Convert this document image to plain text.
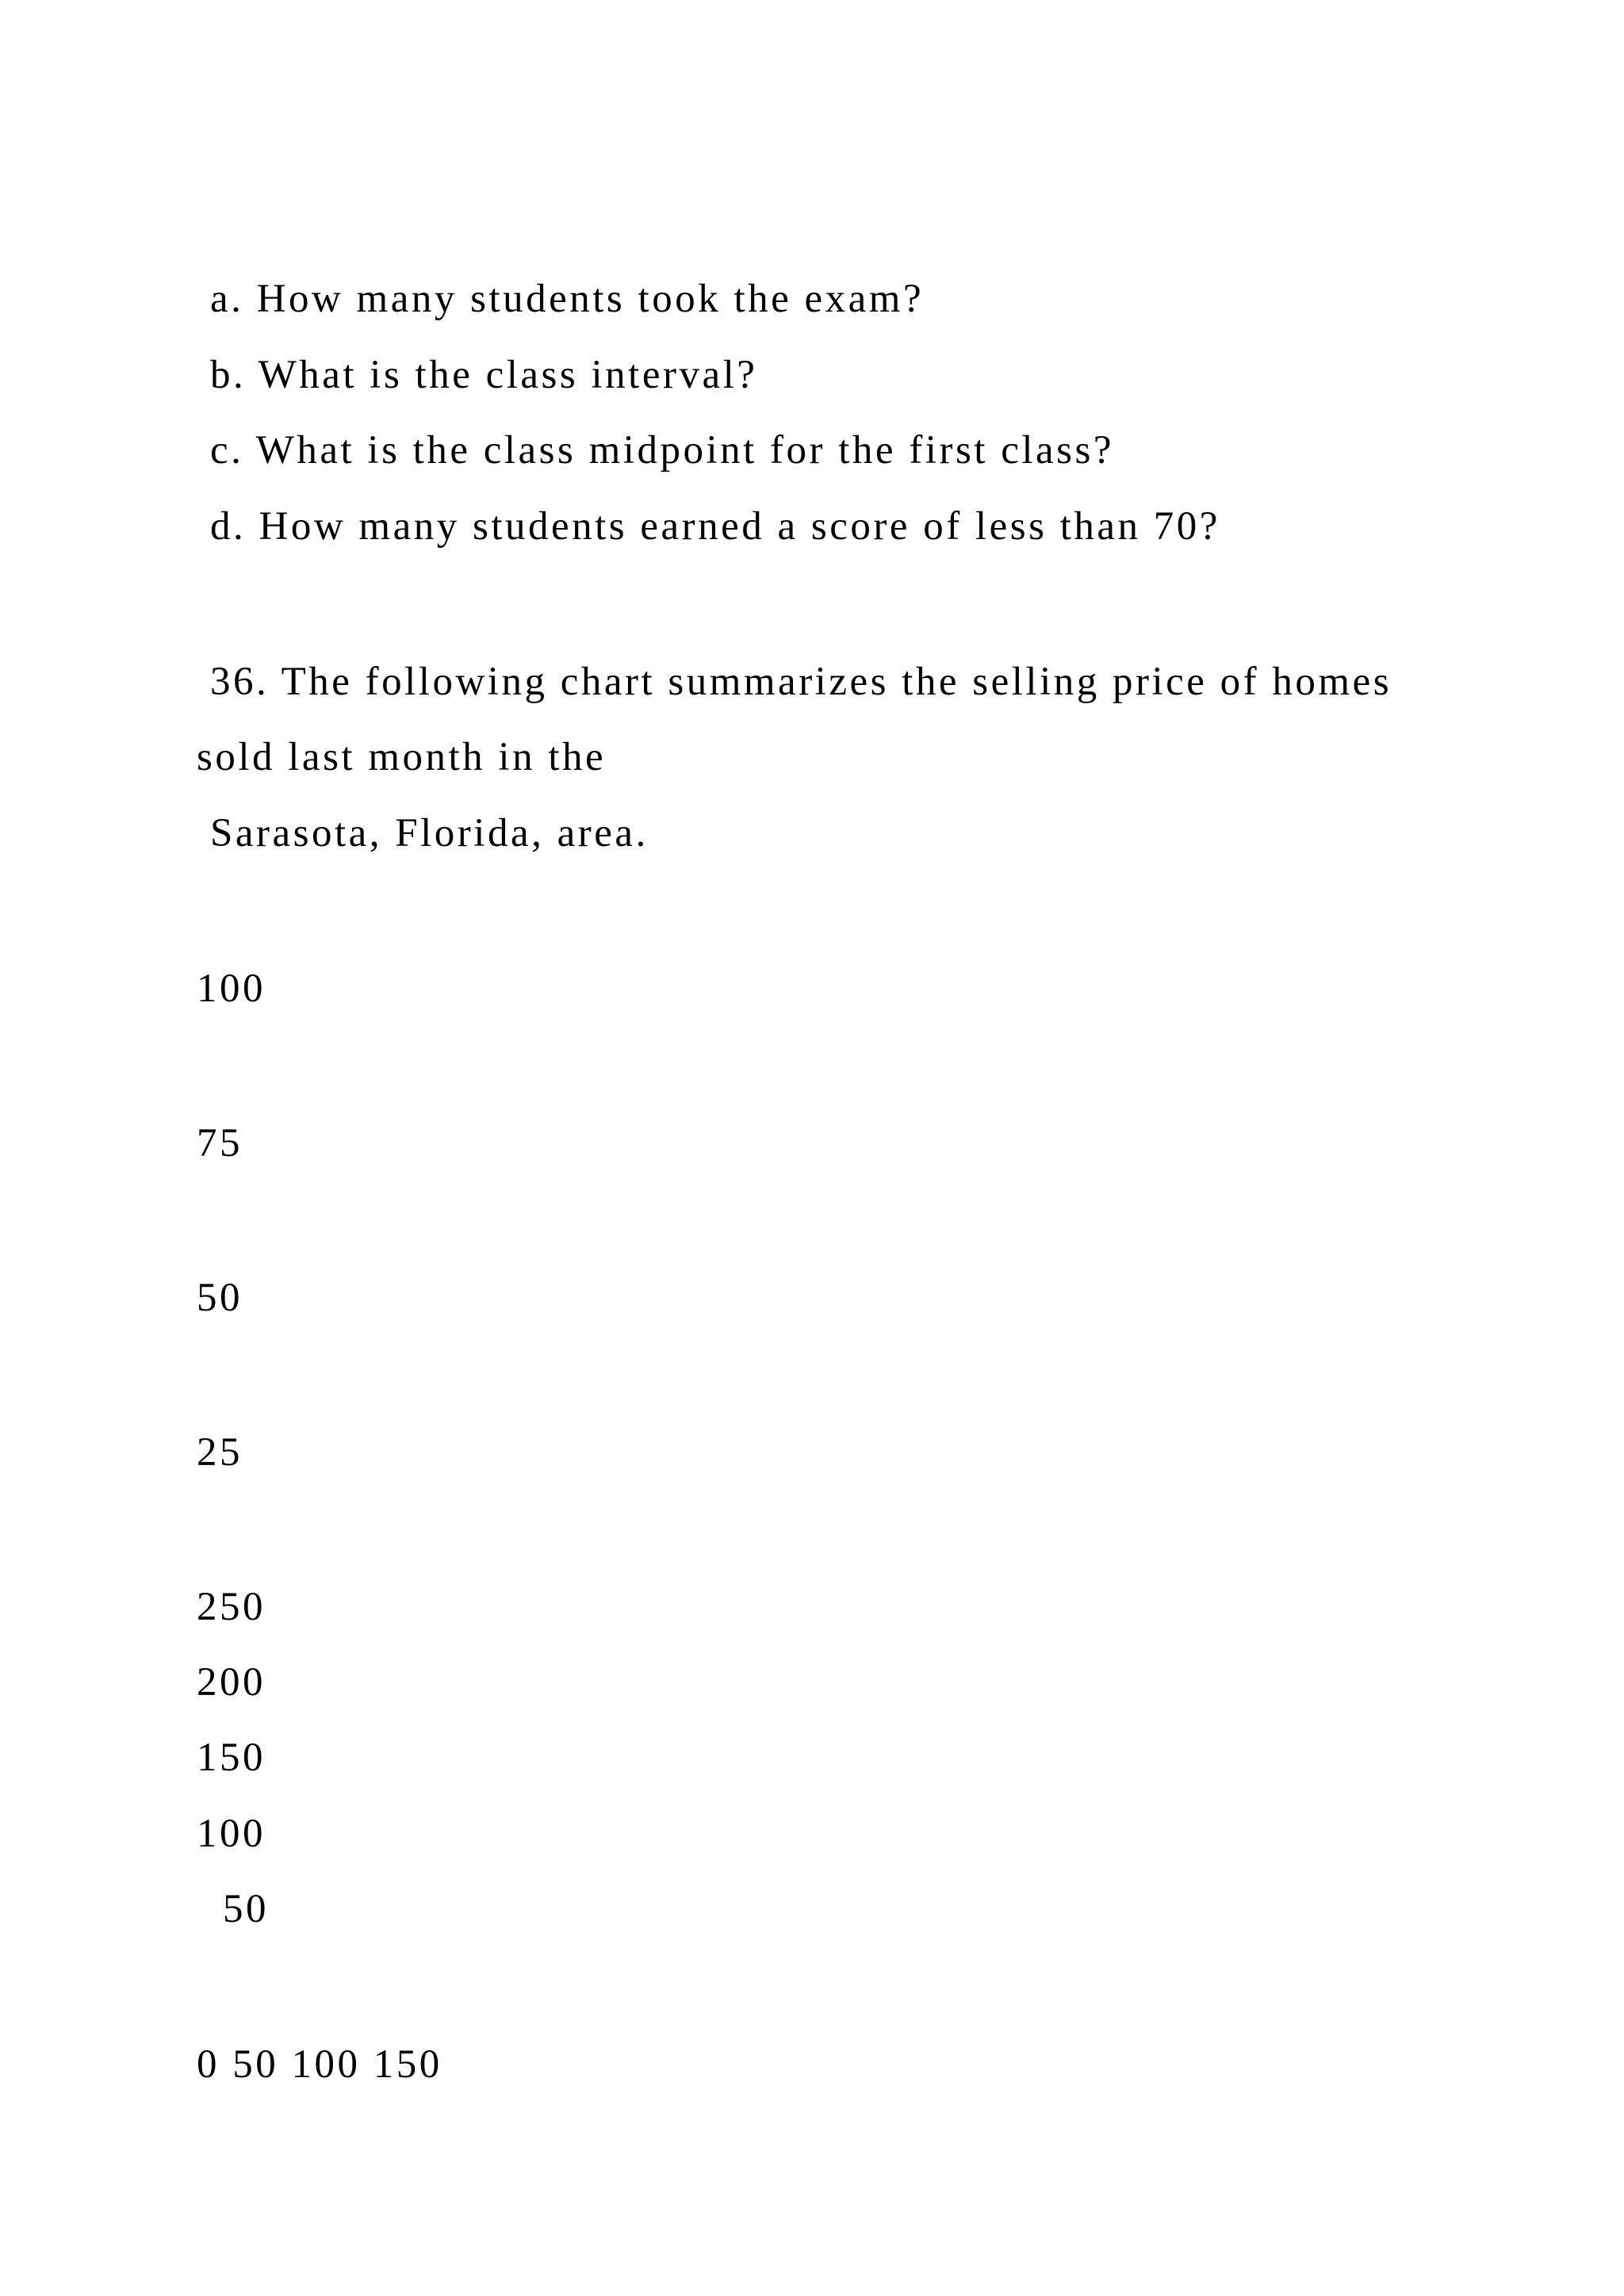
a. How many students took the exam?
b. What is the class interval?
c. What is the class midpoint for the first class?
d. How many students earned a score of less than 70?
36. The following chart summarizes the selling price of homes
sold last month in the
Sarasota, Florida, area.
100
75
50
25
250
200
150
100
50
0 50 100 150
